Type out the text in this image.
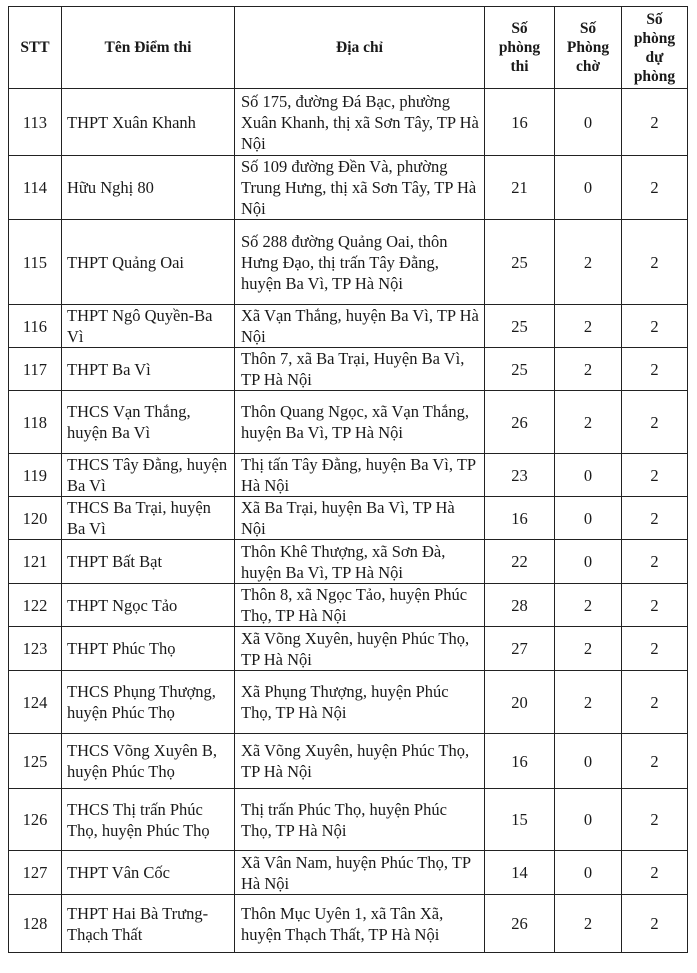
STT	Tên Điểm thi	Địa chỉ	Số phòng thi	Số Phòng chờ	Số phòng dự phòng
113	THPT Xuân Khanh	Số 175, đường Đá Bạc, phường Xuân Khanh, thị xã Sơn Tây, TP Hà Nội	16	0	2
114	Hữu Nghị 80	Số 109 đường Đền Và, phường Trung Hưng, thị xã Sơn Tây, TP Hà Nội	21	0	2
115	THPT Quảng Oai	Số 288 đường Quảng Oai, thôn Hưng Đạo, thị trấn Tây Đằng, huyện Ba Vì, TP Hà Nội	25	2	2
116	THPT Ngô Quyền-Ba Vì	Xã Vạn Thắng, huyện Ba Vì, TP Hà Nội	25	2	2
117	THPT Ba Vì	Thôn 7, xã Ba Trại, Huyện Ba Vì, TP Hà Nội	25	2	2
118	THCS Vạn Thắng, huyện Ba Vì	Thôn Quang Ngọc, xã Vạn Thắng, huyện Ba Vì, TP Hà Nội	26	2	2
119	THCS Tây Đằng, huyện Ba Vì	Thị tấn Tây Đằng, huyện Ba Vì, TP Hà Nội	23	0	2
120	THCS Ba Trại, huyện Ba Vì	Xã Ba Trại, huyện Ba Vì, TP Hà Nội	16	0	2
121	THPT Bất Bạt	Thôn Khê Thượng, xã Sơn Đà, huyện Ba Vì, TP Hà Nội	22	0	2
122	THPT Ngọc Tảo	Thôn 8, xã Ngọc Tảo, huyện Phúc Thọ, TP Hà Nội	28	2	2
123	THPT Phúc Thọ	Xã Võng Xuyên, huyện Phúc Thọ, TP Hà Nội	27	2	2
124	THCS Phụng Thượng, huyện Phúc Thọ	Xã Phụng Thượng, huyện Phúc Thọ, TP Hà Nội	20	2	2
125	THCS Võng Xuyên B, huyện Phúc Thọ	Xã Võng Xuyên, huyện Phúc Thọ, TP Hà Nội	16	0	2
126	THCS Thị trấn Phúc Thọ, huyện Phúc Thọ	Thị trấn Phúc Thọ, huyện Phúc Thọ, TP Hà Nội	15	0	2
127	THPT Vân Cốc	Xã Vân Nam, huyện Phúc Thọ, TP Hà Nội	14	0	2
128	THPT Hai Bà Trưng-Thạch Thất	Thôn Mục Uyên 1, xã Tân Xã, huyện Thạch Thất, TP Hà Nội	26	2	2
